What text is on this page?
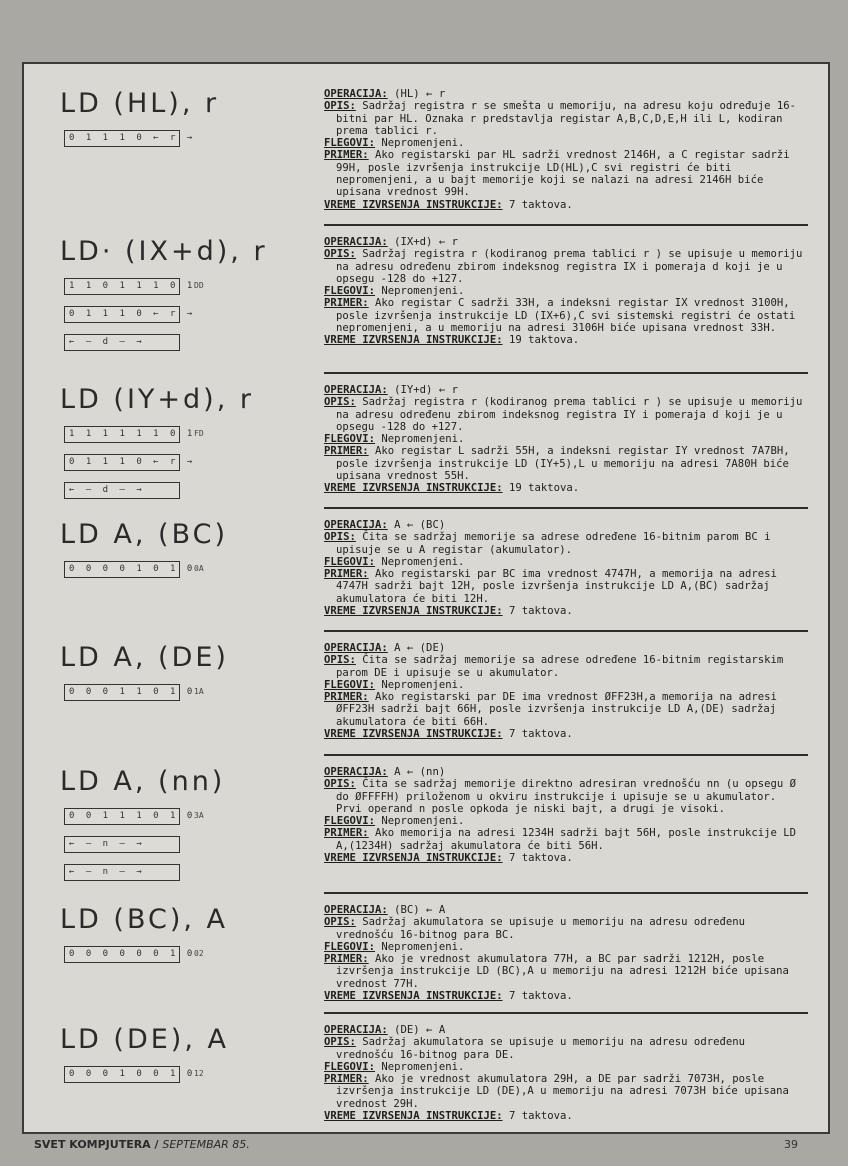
LD (HL), r
0 1 1 1 0 ← r →

OPERACIJA: (HL) ← r

OPIS: Sadržaj registra r se smešta u memoriju, na adresu koju određuje 16-bitni par HL. Oznaka r predstavlja registar A,B,C,D,E,H ili L, kodiran prema tablici r.

FLEGOVI: Nepromenjeni.

PRIMER: Ako registarski par HL sadrži vrednost 2146H, a C registar sadrži 99H, posle izvršenja instrukcije LD(HL),C svi registri će biti nepromenjeni, a u bajt memorije koji se nalazi na adresi 2146H biće upisana vrednost 99H.

VREME IZVRSENJA INSTRUKCIJE: 7 taktova.

LD· (IX+d), r
1 1 0 1 1 1 0 1
DD
0 1 1 1 0 ← r →
← — d — →

OPERACIJA: (IX+d) ← r

OPIS: Sadržaj registra r (kodiranog prema tablici r ) se upisuje u memoriju na adresu određenu zbirom indeksnog registra IX i pomeraja d koji je u opsegu -128 do +127.

FLEGOVI: Nepromenjeni.

PRIMER: Ako registar C sadrži 33H, a indeksni registar IX vrednost 3100H, posle izvršenja instrukcije LD (IX+6),C svi sistemski registri će ostati nepromenjeni, a u memoriju na adresi 3106H biće upisana vrednost 33H.

VREME IZVRSENJA INSTRUKCIJE: 19 taktova.

LD (IY+d), r
1 1 1 1 1 1 0 1
FD
0 1 1 1 0 ← r →
← — d — →

OPERACIJA: (IY+d) ← r

OPIS: Sadržaj registra r (kodiranog prema tablici r ) se upisuje u memoriju na adresu određenu zbirom indeksnog registra IY i pomeraja d koji je u opsegu -128 do +127.

FLEGOVI: Nepromenjeni.

PRIMER: Ako registar L sadrži 55H, a indeksni registar IY vrednost 7A7BH, posle izvršenja instrukcije LD (IY+5),L u memoriju na adresi 7A80H biće upisana vrednost 55H.

VREME IZVRSENJA INSTRUKCIJE: 19 taktova.

LD A, (BC)
0 0 0 0 1 0 1 0
0A

OPERACIJA: A ← (BC)

OPIS: Čita se sadržaj memorije sa adrese određene 16-bitnim parom BC i upisuje se u A registar (akumulator).

FLEGOVI: Nepromenjeni.

PRIMER: Ako registarski par BC ima vrednost 4747H, a memorija na adresi 4747H sadrži bajt 12H, posle izvršenja instrukcije LD A,(BC) sadržaj akumulatora će biti 12H.

VREME IZVRSENJA INSTRUKCIJE: 7 taktova.

LD A, (DE)
0 0 0 1 1 0 1 0
1A

OPERACIJA: A ← (DE)

OPIS: Čita se sadržaj memorije sa adrese određene 16-bitnim registarskim parom DE i upisuje se u akumulator.

FLEGOVI: Nepromenjeni.

PRIMER: Ako registarski par DE ima vrednost ØFF23H,a memorija na adresi ØFF23H sadrži bajt 66H, posle izvršenja instrukcije LD A,(DE) sadržaj akumulatora će biti 66H.

VREME IZVRSENJA INSTRUKCIJE: 7 taktova.

LD A, (nn)
0 0 1 1 1 0 1 0
3A
← — n — →
← — n — →

OPERACIJA: A ← (nn)

OPIS: Čita se sadržaj memorije direktno adresiran vrednošću nn (u opsegu Ø do ØFFFFH) priloženom u okviru instrukcije i upisuje se u akumulator. Prvi operand n posle opkoda je niski bajt, a drugi je visoki.

FLEGOVI: Nepromenjeni.

PRIMER: Ako memorija na adresi 1234H sadrži bajt 56H, posle instrukcije LD A,(1234H) sadržaj akumulatora će biti 56H.

VREME IZVRSENJA INSTRUKCIJE: 7 taktova.

LD (BC), A
0 0 0 0 0 0 1 0
02

OPERACIJA: (BC) ← A

OPIS: Sadržaj akumulatora se upisuje u memoriju na adresu određenu vrednošću 16-bitnog para BC.

FLEGOVI: Nepromenjeni.

PRIMER: Ako je vrednost akumulatora 77H, a BC par sadrži 1212H, posle izvršenja instrukcije LD (BC),A u memoriju na adresi 1212H biće upisana vrednost 77H.

VREME IZVRSENJA INSTRUKCIJE: 7 taktova.

LD (DE), A
0 0 0 1 0 0 1 0
12

OPERACIJA: (DE) ← A

OPIS: Sadržaj akumulatora se upisuje u memoriju na adresu određenu vrednošću 16-bitnog para DE.

FLEGOVI: Nepromenjeni.

PRIMER: Ako je vrednost akumulatora 29H, a DE par sadrži 7073H, posle izvršenja instrukcije LD (DE),A u memoriju na adresi 7073H biće upisana vrednost 29H.

VREME IZVRSENJA INSTRUKCIJE: 7 taktova.

SVET KOMPJUTERA / SEPTEMBAR 85.	39
